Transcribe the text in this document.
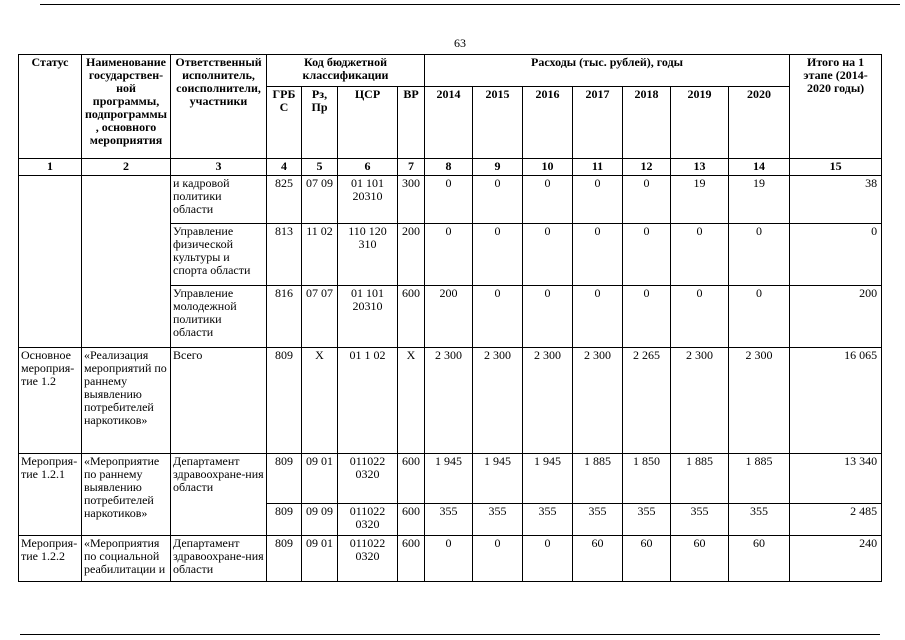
63
Статус	Наименование государствен-ной программы, подпрограммы, основного мероприятия	Ответственный исполнитель, соисполнители, участники	Код бюджетной классификации				Расходы (тыс. рублей), годы							Итого на 1 этапе (2014-2020 годы)
			ГРБС	Рз, Пр	ЦСР	ВР	2014	2015	2016	2017	2018	2019	2020	
1	2	3	4	5	6	7	8	9	10	11	12	13	14	15
		и кадровой политики области	825	07 09	01 101 20310	300	0	0	0	0	0	19	19	38
		Управление физической культуры и спорта области	813	11 02	110 120 310	200	0	0	0	0	0	0	0	0
		Управление молодежной политики области	816	07 07	01 101 20310	600	200	0	0	0	0	0	0	200
Основное мероприя-тие 1.2	«Реализация мероприятий по раннему выявлению потребителей наркотиков»	Всего	809	Х	01 1 02	Х	2 300	2 300	2 300	2 300	2 265	2 300	2 300	16 065
Мероприя-тие 1.2.1	«Мероприятие по раннему выявлению потребителей наркотиков»	Департамент здравоохране-ния области	809	09 01	011022 0320	600	1 945	1 945	1 945	1 885	1 850	1 885	1 885	13 340
			809	09 09	011022 0320	600	355	355	355	355	355	355	355	2 485
Мероприя-тие 1.2.2	«Мероприятия по социальной реабилитации и	Департамент здравоохране-ния области	809	09 01	011022 0320	600	0	0	0	60	60	60	60	240
